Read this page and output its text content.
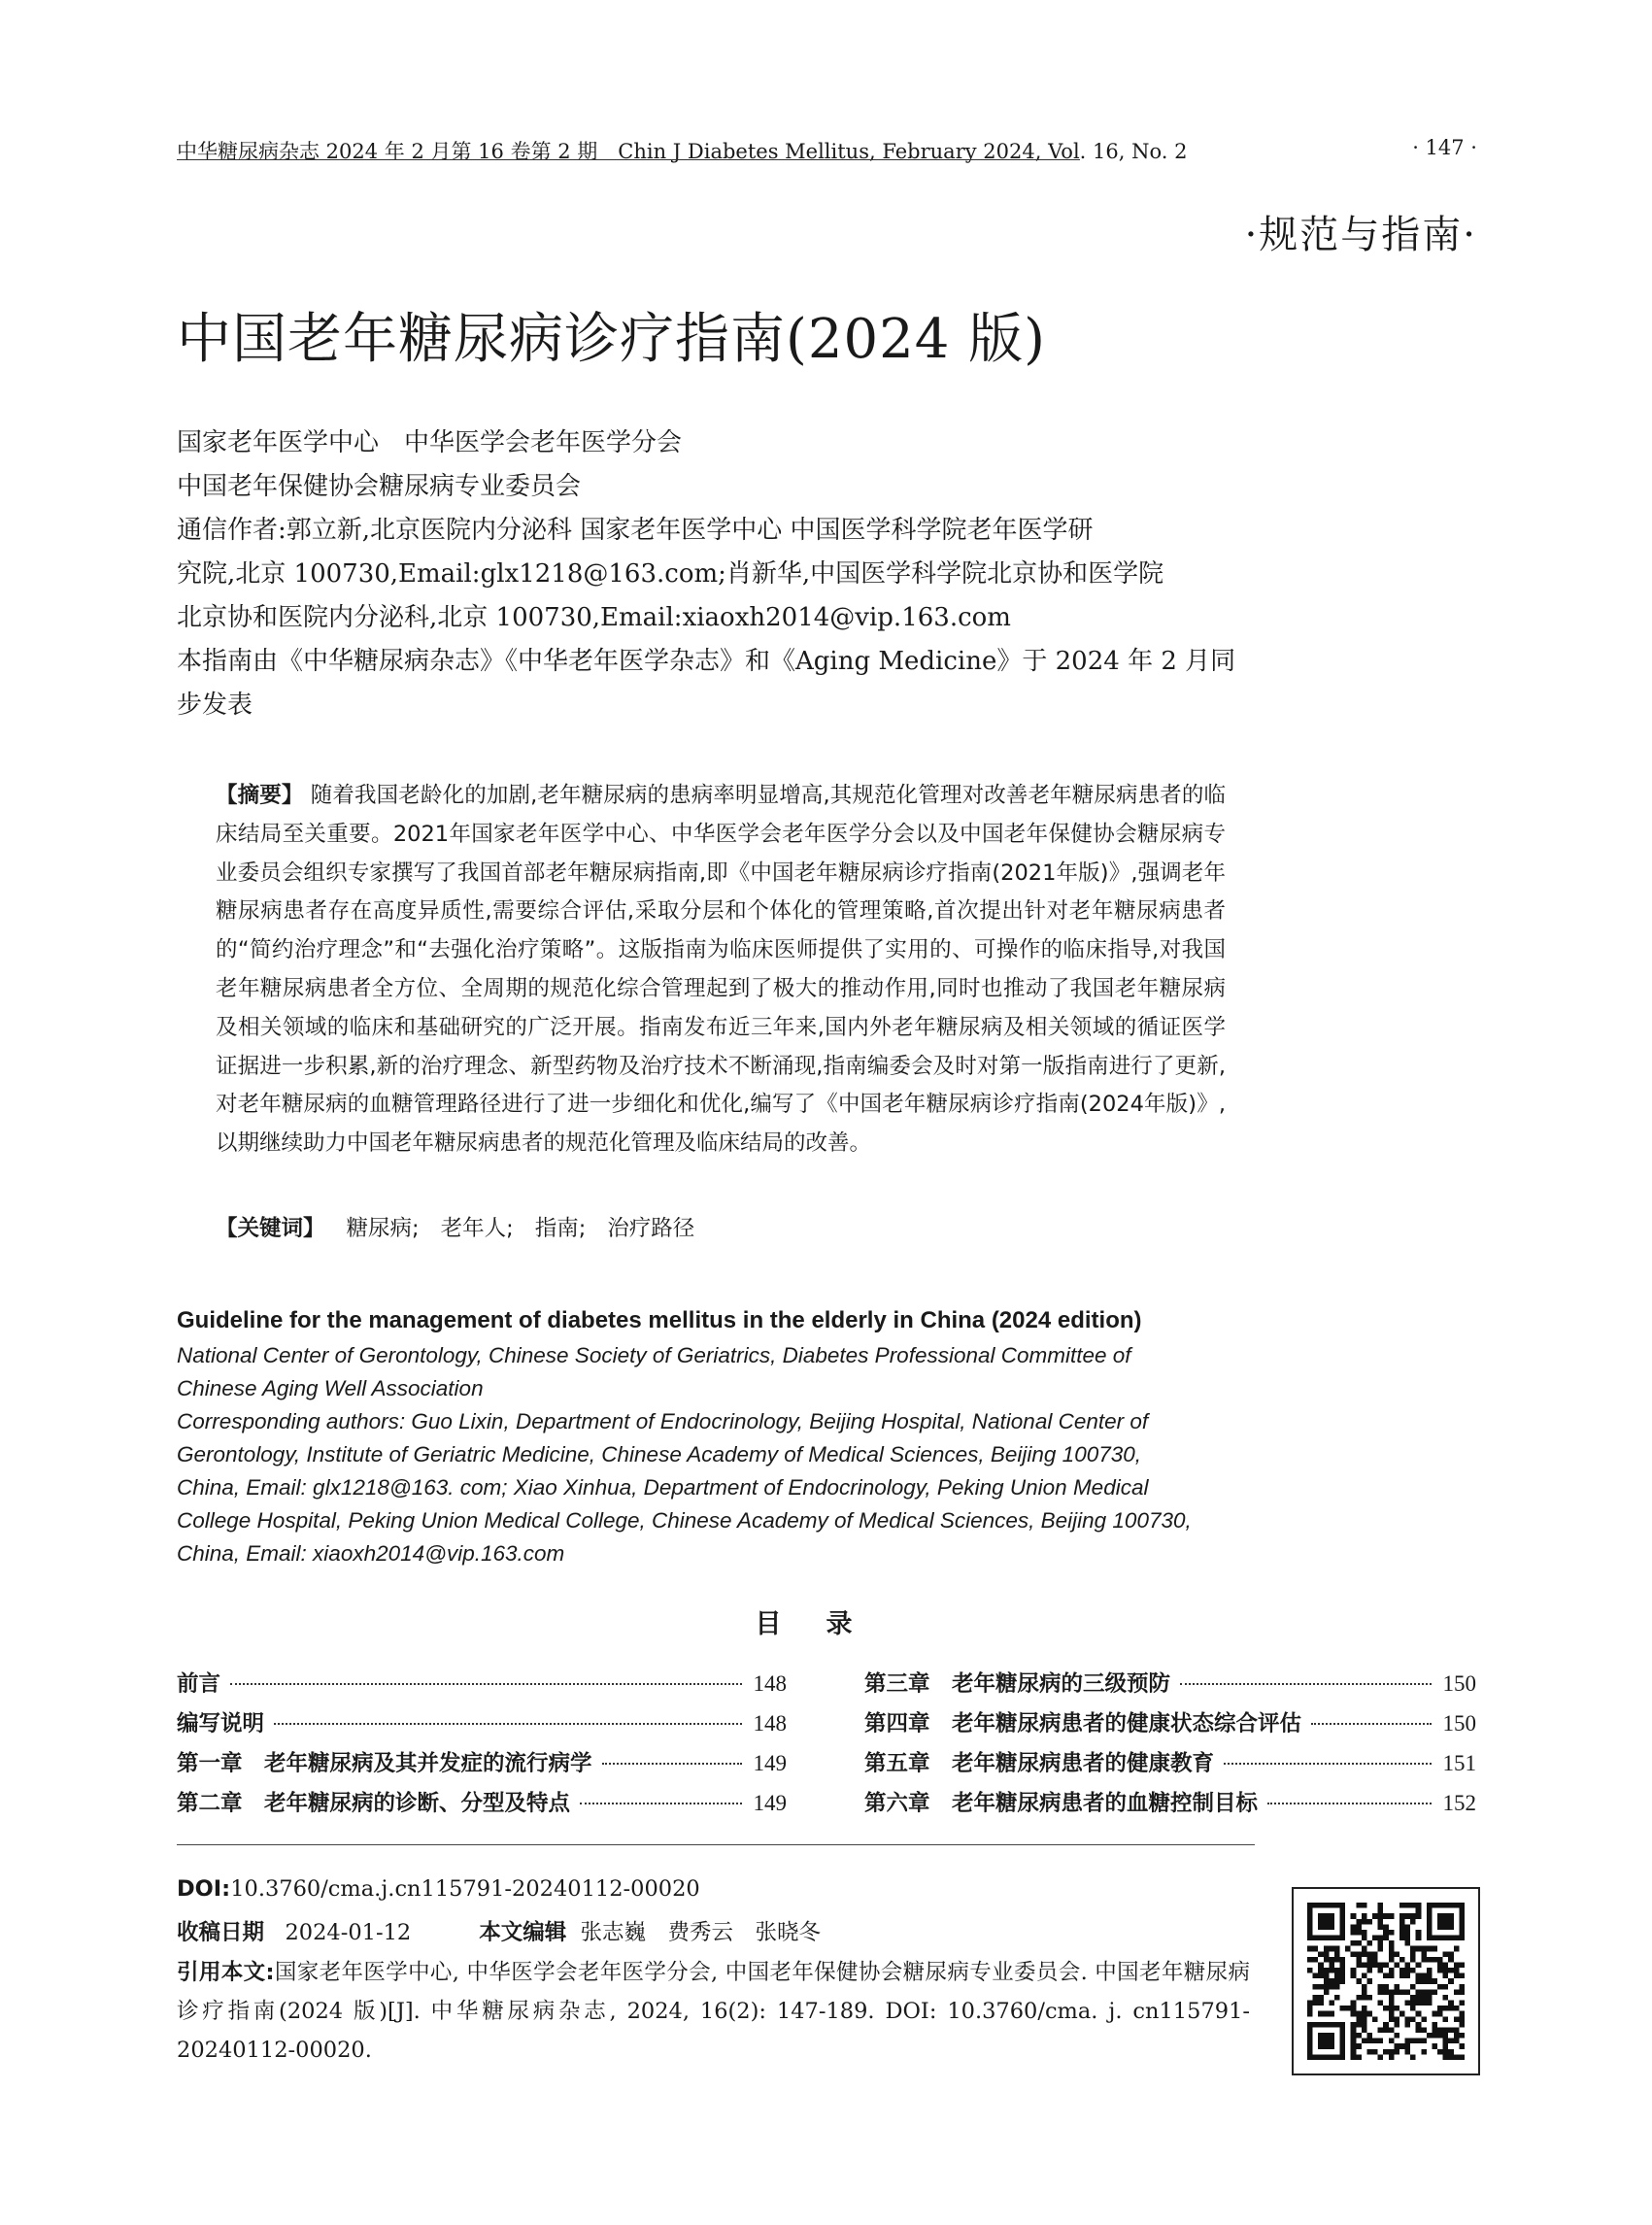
中华糖尿病杂志 2024 年 2 月第 16 卷第 2 期　Chin J Diabetes Mellitus, February 2024, Vol. 16, No. 2	· 147 ·
·规范与指南·
中国老年糖尿病诊疗指南(2024 版)
国家老年医学中心　中华医学会老年医学分会
中国老年保健协会糖尿病专业委员会
通信作者:郭立新,北京医院内分泌科 国家老年医学中心 中国医学科学院老年医学研
究院,北京 100730,Email:glx1218@163.com;肖新华,中国医学科学院北京协和医学院
北京协和医院内分泌科,北京 100730,Email:xiaoxh2014@vip.163.com
本指南由《中华糖尿病杂志》《中华老年医学杂志》和《Aging Medicine》于 2024 年 2 月同
步发表
【摘要】 随着我国老龄化的加剧,老年糖尿病的患病率明显增高,其规范化管理对改善老年糖尿病患者的临床结局至关重要。2021年国家老年医学中心、中华医学会老年医学分会以及中国老年保健协会糖尿病专业委员会组织专家撰写了我国首部老年糖尿病指南,即《中国老年糖尿病诊疗指南(2021年版)》,强调老年糖尿病患者存在高度异质性,需要综合评估,采取分层和个体化的管理策略,首次提出针对老年糖尿病患者的“简约治疗理念”和“去强化治疗策略”。这版指南为临床医师提供了实用的、可操作的临床指导,对我国老年糖尿病患者全方位、全周期的规范化综合管理起到了极大的推动作用,同时也推动了我国老年糖尿病及相关领域的临床和基础研究的广泛开展。指南发布近三年来,国内外老年糖尿病及相关领域的循证医学证据进一步积累,新的治疗理念、新型药物及治疗技术不断涌现,指南编委会及时对第一版指南进行了更新,对老年糖尿病的血糖管理路径进行了进一步细化和优化,编写了《中国老年糖尿病诊疗指南(2024年版)》,以期继续助力中国老年糖尿病患者的规范化管理及临床结局的改善。
【关键词】 糖尿病; 老年人; 指南; 治疗路径
Guideline for the management of diabetes mellitus in the elderly in China (2024 edition)
National Center of Gerontology, Chinese Society of Geriatrics, Diabetes Professional Committee of
Chinese Aging Well Association
Corresponding authors: Guo Lixin, Department of Endocrinology, Beijing Hospital, National Center of
Gerontology, Institute of Geriatric Medicine, Chinese Academy of Medical Sciences, Beijing 100730,
China, Email: glx1218@163. com; Xiao Xinhua, Department of Endocrinology, Peking Union Medical
College Hospital, Peking Union Medical College, Chinese Academy of Medical Sciences, Beijing 100730,
China, Email: xiaoxh2014@vip.163.com
目录
前言	148
编写说明	148
第一章　老年糖尿病及其并发症的流行病学	149
第二章　老年糖尿病的诊断、分型及特点	149
第三章　老年糖尿病的三级预防	150
第四章　老年糖尿病患者的健康状态综合评估	150
第五章　老年糖尿病患者的健康教育	151
第六章　老年糖尿病患者的血糖控制目标	152
DOI:10.3760/cma.j.cn115791-20240112-00020
收稿日期 2024-01-12	本文编辑 张志巍　费秀云　张晓冬
引用本文:国家老年医学中心, 中华医学会老年医学分会, 中国老年保健协会糖尿病专业委员会. 中国老年糖尿病诊疗指南(2024 版)[J]. 中华糖尿病杂志, 2024, 16(2): 147-189. DOI: 10.3760/cma. j. cn115791-20240112-00020.
